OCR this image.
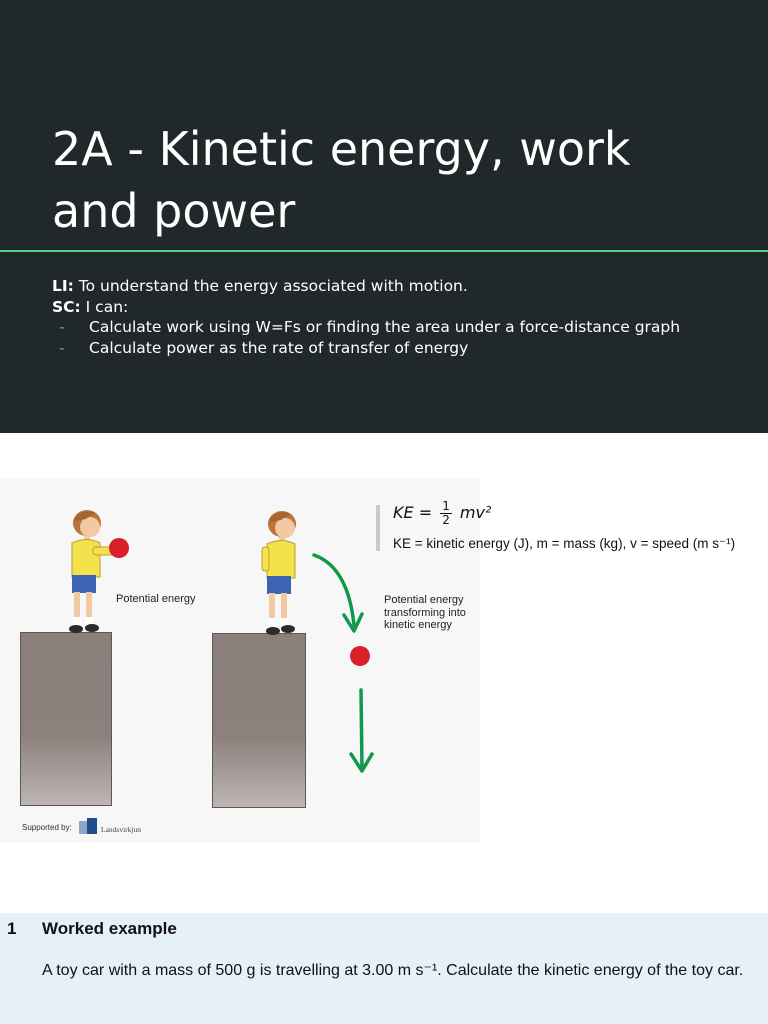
2A - Kinetic energy, work
and power
LI: To understand the energy associated with motion.
SC: I can:
- Calculate work using W=Fs or finding the area under a force-distance graph
- Calculate power as the rate of transfer of energy
Potential energy	Potential energy
transforming into
kinetic energy
Supported by:	Landsvirkjun
KE = $\frac{1}{2} mv^2$
KE = kinetic energy (J), m = mass (kg), v = speed (m s⁻¹)
1 Worked example
A toy car with a mass of 500 g is travelling at 3.00 m s⁻¹. Calculate the kinetic energy of the toy car.
